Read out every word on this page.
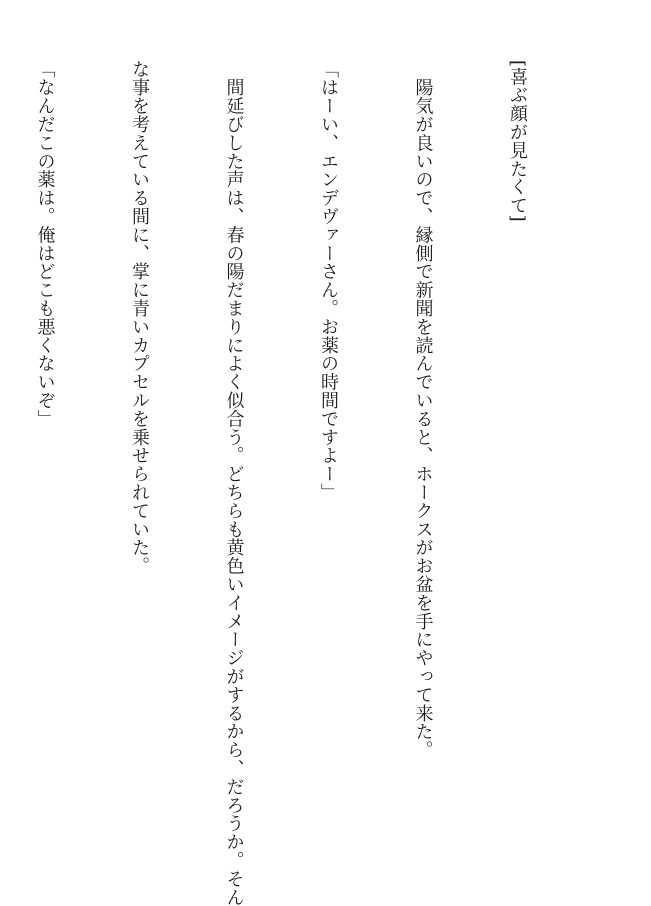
[喜ぶ顔が見たくて]

　陽気が良いので、縁側で新聞を読んでいると、ホークスがお盆を手にやって来た。

「はーい、エンデヴァーさん。お薬の時間ですよー」

　間延びした声は、春の陽だまりによく似合う。どちらも黄色いイメージがするから、だろうか。そん

な事を考えている間に、掌に青いカプセルを乗せられていた。

「なんだこの薬は。俺はどこも悪くないぞ」
